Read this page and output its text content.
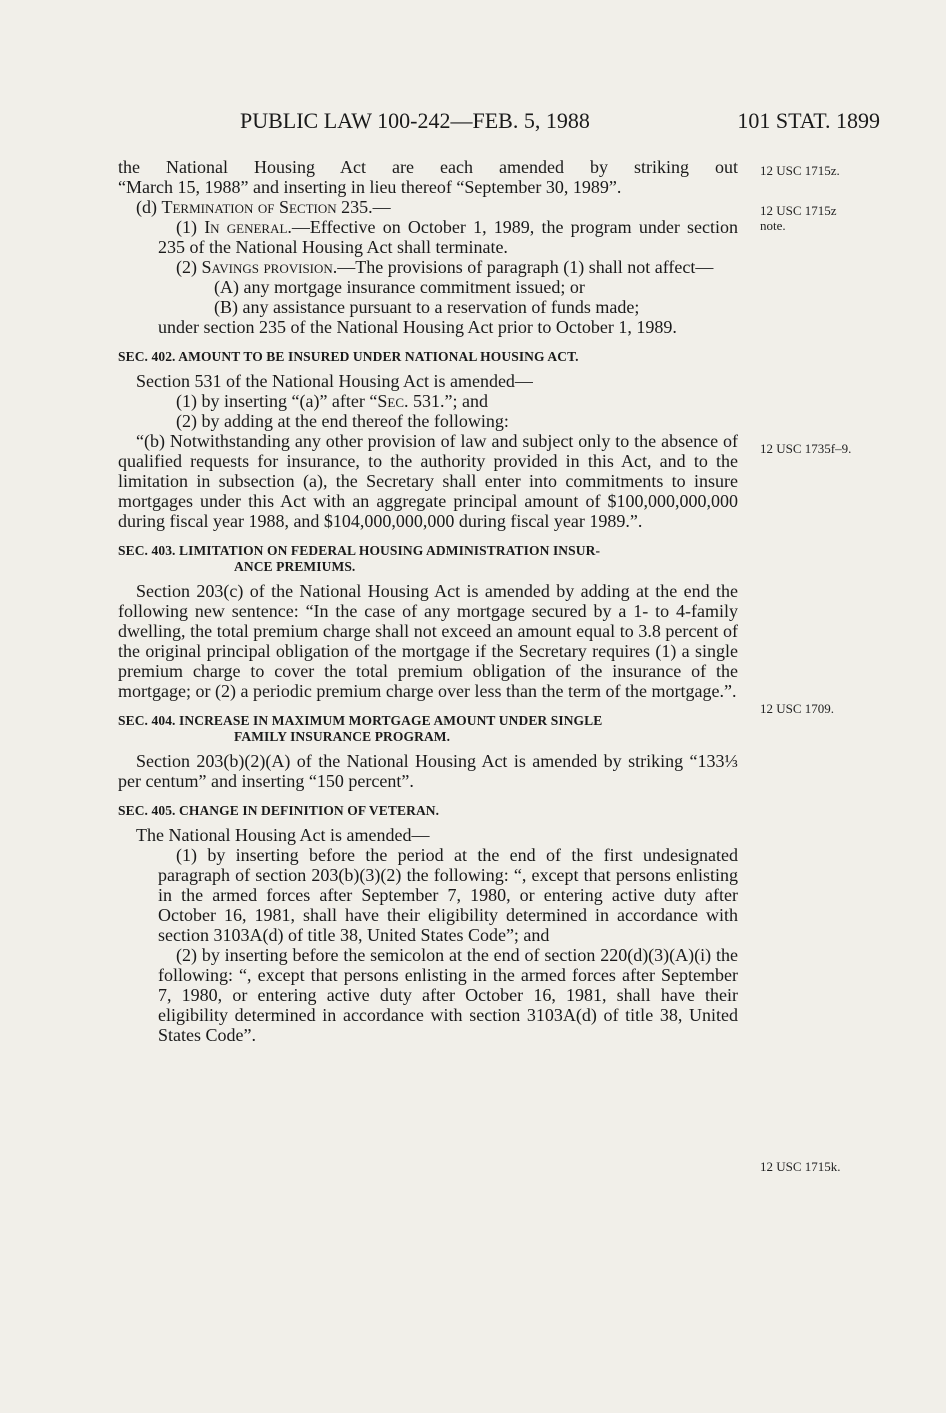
PUBLIC LAW 100-242—FEB. 5, 1988	101 STAT. 1899

the National Housing Act are each amended by striking out

“March 15, 1988” and inserting in lieu thereof “September 30, 1989”.

(d) Termination of Section 235.—

(1) In general.—Effective on October 1, 1989, the program under section 235 of the National Housing Act shall terminate.

(2) Savings provision.—The provisions of paragraph (1) shall not affect—

(A) any mortgage insurance commitment issued; or

(B) any assistance pursuant to a reservation of funds made;

under section 235 of the National Housing Act prior to October 1, 1989.

SEC. 402. AMOUNT TO BE INSURED UNDER NATIONAL HOUSING ACT.

Section 531 of the National Housing Act is amended—

(1) by inserting “(a)” after “Sec. 531.”; and

(2) by adding at the end thereof the following:

“(b) Notwithstanding any other provision of law and subject only to the absence of qualified requests for insurance, to the authority provided in this Act, and to the limitation in subsection (a), the Secretary shall enter into commitments to insure mortgages under this Act with an aggregate principal amount of $100,000,000,000 during fiscal year 1988, and $104,000,000,000 during fiscal year 1989.”.

SEC. 403. LIMITATION ON FEDERAL HOUSING ADMINISTRATION INSUR-
ANCE PREMIUMS.

Section 203(c) of the National Housing Act is amended by adding at the end the following new sentence: “In the case of any mortgage secured by a 1- to 4-family dwelling, the total premium charge shall not exceed an amount equal to 3.8 percent of the original principal obligation of the mortgage if the Secretary requires (1) a single premium charge to cover the total premium obligation of the insurance of the mortgage; or (2) a periodic premium charge over less than the term of the mortgage.”.

SEC. 404. INCREASE IN MAXIMUM MORTGAGE AMOUNT UNDER SINGLE
FAMILY INSURANCE PROGRAM.

Section 203(b)(2)(A) of the National Housing Act is amended by striking “133⅓ per centum” and inserting “150 percent”.

SEC. 405. CHANGE IN DEFINITION OF VETERAN.

The National Housing Act is amended—

(1) by inserting before the period at the end of the first undesignated paragraph of section 203(b)(3)(2) the following: “, except that persons enlisting in the armed forces after September 7, 1980, or entering active duty after October 16, 1981, shall have their eligibility determined in accordance with section 3103A(d) of title 38, United States Code”; and

(2) by inserting before the semicolon at the end of section 220(d)(3)(A)(i) the following: “, except that persons enlisting in the armed forces after September 7, 1980, or entering active duty after October 16, 1981, shall have their eligibility determined in accordance with section 3103A(d) of title 38, United States Code”.

12 USC 1715z.
12 USC 1715z
note.
12 USC 1735f–9.
12 USC 1709.
12 USC 1715k.
